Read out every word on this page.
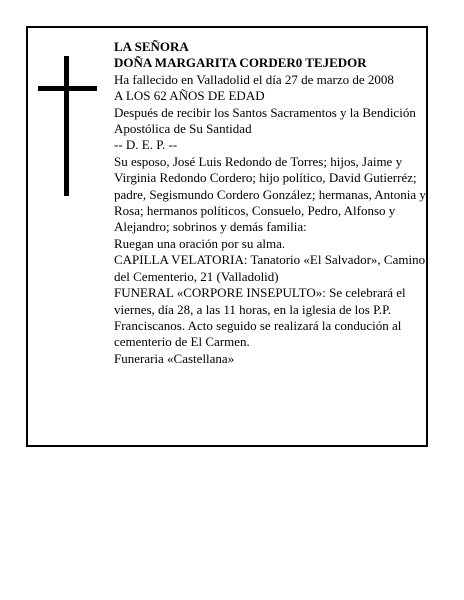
LA SEÑORA

DOÑA MARGARITA CORDER0 TEJEDOR

Ha fallecido en Valladolid el día 27 de marzo de 2008

A LOS 62 AÑOS DE EDAD

Después de recibir los Santos Sacramentos y la Bendición Apostólica de Su Santidad

-- D. E. P. --

Su esposo, José Luis Redondo de Torres; hijos, Jaime y Virginia Redondo Cordero; hijo político, David Gutierréz; padre, Segismundo Cordero González; hermanas, Antonia y Rosa; hermanos políticos, Consuelo, Pedro, Alfonso y Alejandro; sobrinos y demás familia:

Ruegan una oración por su alma.

CAPILLA VELATORIA: Tanatorio «El Salvador», Camino del Cementerio, 21 (Valladolid)

FUNERAL «CORPORE INSEPULTO»: Se celebrará el viernes, día 28, a las 11 horas, en la iglesia de los P.P. Franciscanos. Acto seguido se realizará la condución al cementerio de El Carmen.

Funeraria «Castellana»
